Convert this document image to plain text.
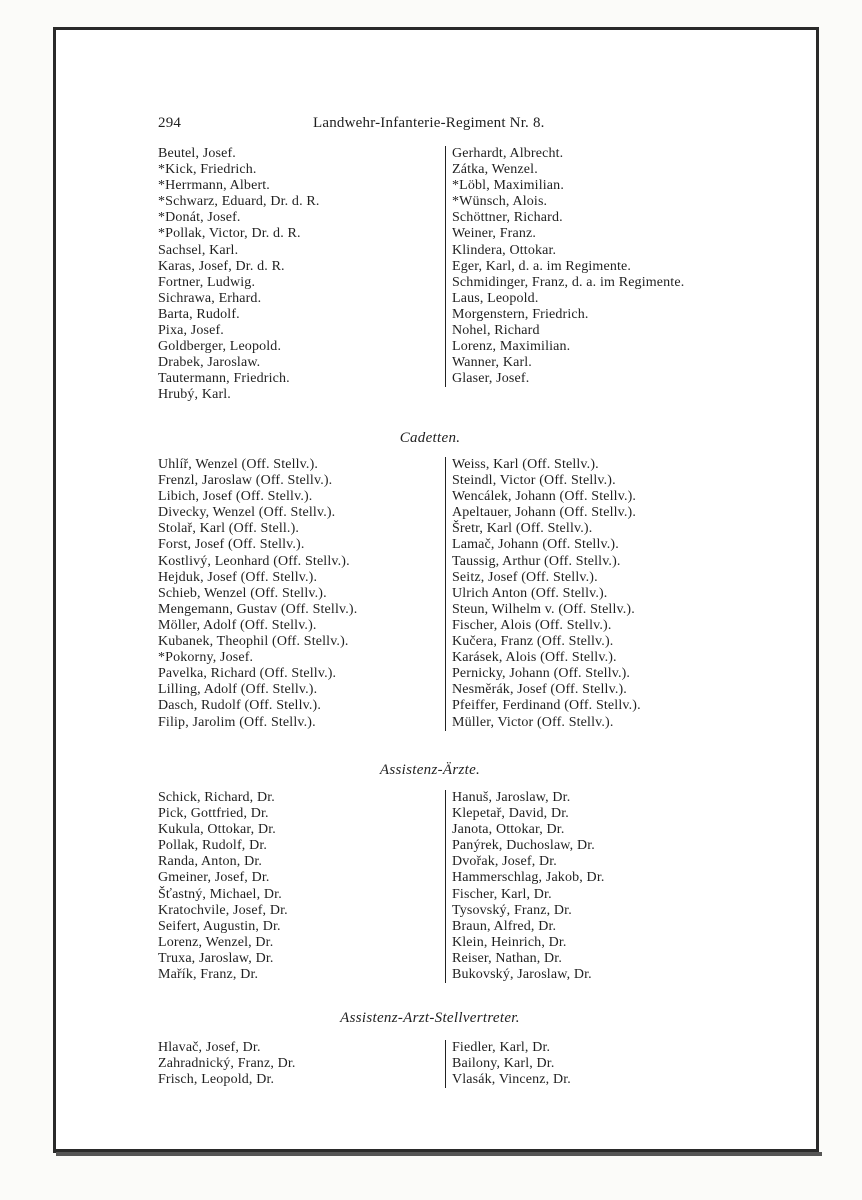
294	Landwehr-Infanterie-Regiment Nr. 8.
Beutel, Josef.
*Kick, Friedrich.
*Herrmann, Albert.
*Schwarz, Eduard, Dr. d. R.
*Donát, Josef.
*Pollak, Victor, Dr. d. R.
Sachsel, Karl.
Karas, Josef, Dr. d. R.
Fortner, Ludwig.
Sichrawa, Erhard.
Barta, Rudolf.
Pixa, Josef.
Goldberger, Leopold.
Drabek, Jaroslaw.
Tautermann, Friedrich.
Hrubý, Karl.
Gerhardt, Albrecht.
Zátka, Wenzel.
*Löbl, Maximilian.
*Wünsch, Alois.
Schöttner, Richard.
Weiner, Franz.
Klindera, Ottokar.
Eger, Karl, d. a. im Regimente.
Schmidinger, Franz, d. a. im Regimente.
Laus, Leopold.
Morgenstern, Friedrich.
Nohel, Richard
Lorenz, Maximilian.
Wanner, Karl.
Glaser, Josef.
Cadetten.
Uhlíř, Wenzel (Off. Stellv.).
Frenzl, Jaroslaw (Off. Stellv.).
Libich, Josef (Off. Stellv.).
Divecky, Wenzel (Off. Stellv.).
Stolař, Karl (Off. Stell.).
Forst, Josef (Off. Stellv.).
Kostlivý, Leonhard (Off. Stellv.).
Hejduk, Josef (Off. Stellv.).
Schieb, Wenzel (Off. Stellv.).
Mengemann, Gustav (Off. Stellv.).
Möller, Adolf (Off. Stellv.).
Kubanek, Theophil (Off. Stellv.).
*Pokorny, Josef.
Pavelka, Richard (Off. Stellv.).
Lilling, Adolf (Off. Stellv.).
Dasch, Rudolf (Off. Stellv.).
Filip, Jarolim (Off. Stellv.).
Weiss, Karl (Off. Stellv.).
Steindl, Victor (Off. Stellv.).
Wencálek, Johann (Off. Stellv.).
Apeltauer, Johann (Off. Stellv.).
Šretr, Karl (Off. Stellv.).
Lamač, Johann (Off. Stellv.).
Taussig, Arthur (Off. Stellv.).
Seitz, Josef (Off. Stellv.).
Ulrich Anton (Off. Stellv.).
Steun, Wilhelm v. (Off. Stellv.).
Fischer, Alois (Off. Stellv.).
Kučera, Franz (Off. Stellv.).
Karásek, Alois (Off. Stellv.).
Pernicky, Johann (Off. Stellv.).
Nesměrák, Josef (Off. Stellv.).
Pfeiffer, Ferdinand (Off. Stellv.).
Müller, Victor (Off. Stellv.).
Assistenz-Ärzte.
Schick, Richard, Dr.
Pick, Gottfried, Dr.
Kukula, Ottokar, Dr.
Pollak, Rudolf, Dr.
Randa, Anton, Dr.
Gmeiner, Josef, Dr.
Šťastný, Michael, Dr.
Kratochvile, Josef, Dr.
Seifert, Augustin, Dr.
Lorenz, Wenzel, Dr.
Truxa, Jaroslaw, Dr.
Mařík, Franz, Dr.
Hanuš, Jaroslaw, Dr.
Klepetař, David, Dr.
Janota, Ottokar, Dr.
Panýrek, Duchoslaw, Dr.
Dvořak, Josef, Dr.
Hammerschlag, Jakob, Dr.
Fischer, Karl, Dr.
Tysovský, Franz, Dr.
Braun, Alfred, Dr.
Klein, Heinrich, Dr.
Reiser, Nathan, Dr.
Bukovský, Jaroslaw, Dr.
Assistenz-Arzt-Stellvertreter.
Hlavač, Josef, Dr.
Zahradnický, Franz, Dr.
Frisch, Leopold, Dr.
Fiedler, Karl, Dr.
Bailony, Karl, Dr.
Vlasák, Vincenz, Dr.
